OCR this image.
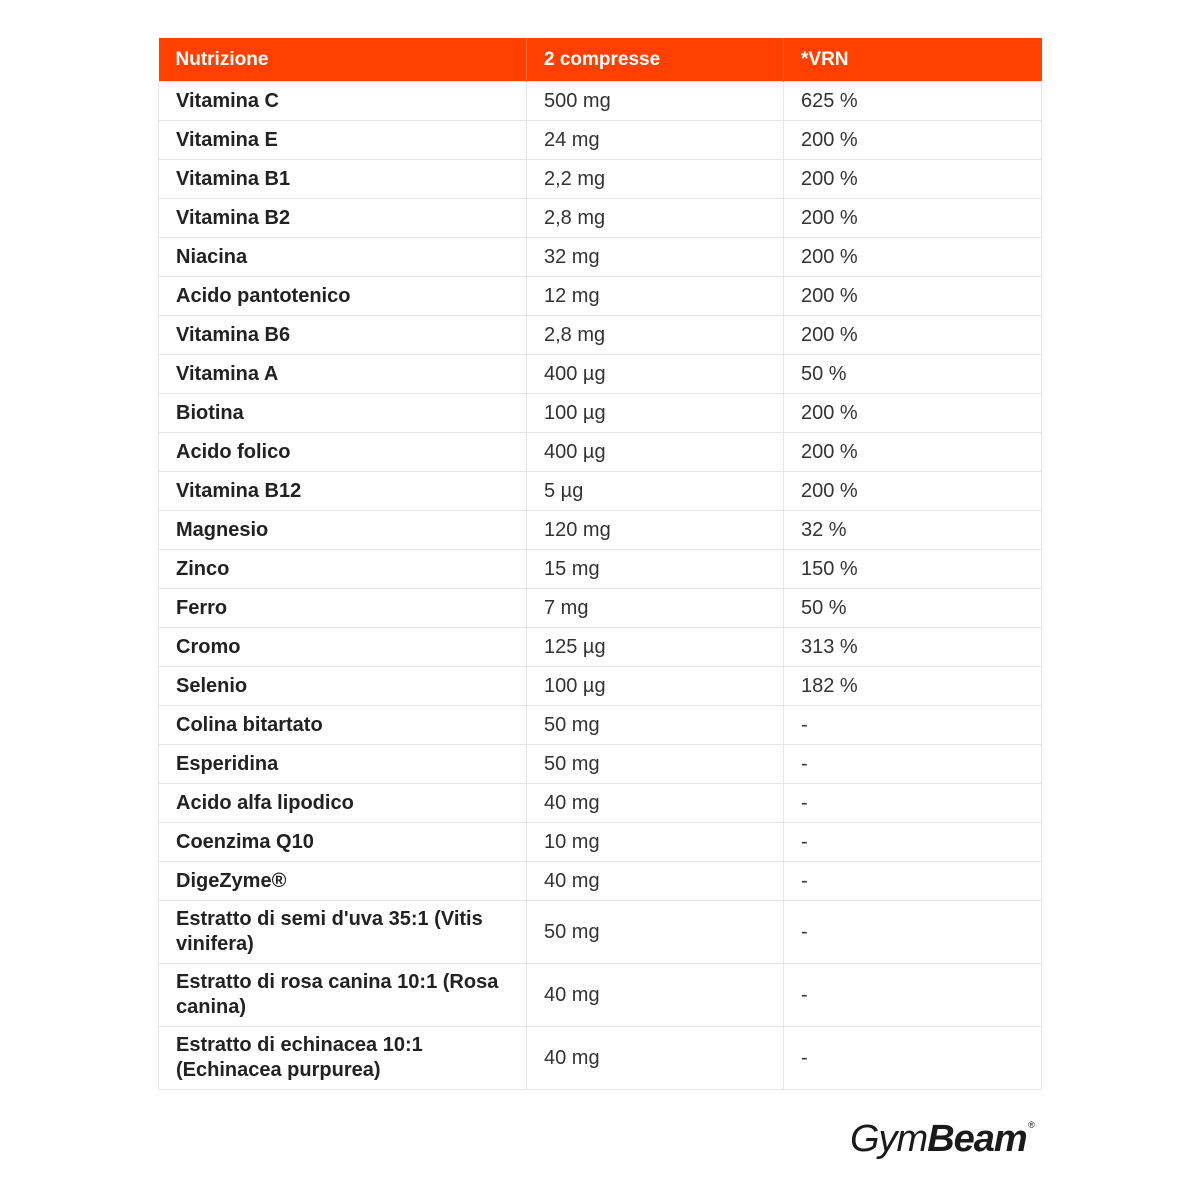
Nutrizione	2 compresse	*VRN
Vitamina C	500 mg	625 %
Vitamina E	24 mg	200 %
Vitamina B1	2,2 mg	200 %
Vitamina B2	2,8 mg	200 %
Niacina	32 mg	200 %
Acido pantotenico	12 mg	200 %
Vitamina B6	2,8 mg	200 %
Vitamina A	400 µg	50 %
Biotina	100 µg	200 %
Acido folico	400 µg	200 %
Vitamina B12	5 µg	200 %
Magnesio	120 mg	32 %
Zinco	15 mg	150 %
Ferro	7 mg	50 %
Cromo	125 µg	313 %
Selenio	100 µg	182 %
Colina bitartato	50 mg	-
Esperidina	50 mg	-
Acido alfa lipodico	40 mg	-
Coenzima Q10	10 mg	-
DigeZyme®	40 mg	-
Estratto di semi d'uva 35:1 (Vitis vinifera)	50 mg	-
Estratto di rosa canina 10:1 (Rosa canina)	40 mg	-
Estratto di echinacea 10:1 (Echinacea purpurea)	40 mg	-
GymBeam ®
